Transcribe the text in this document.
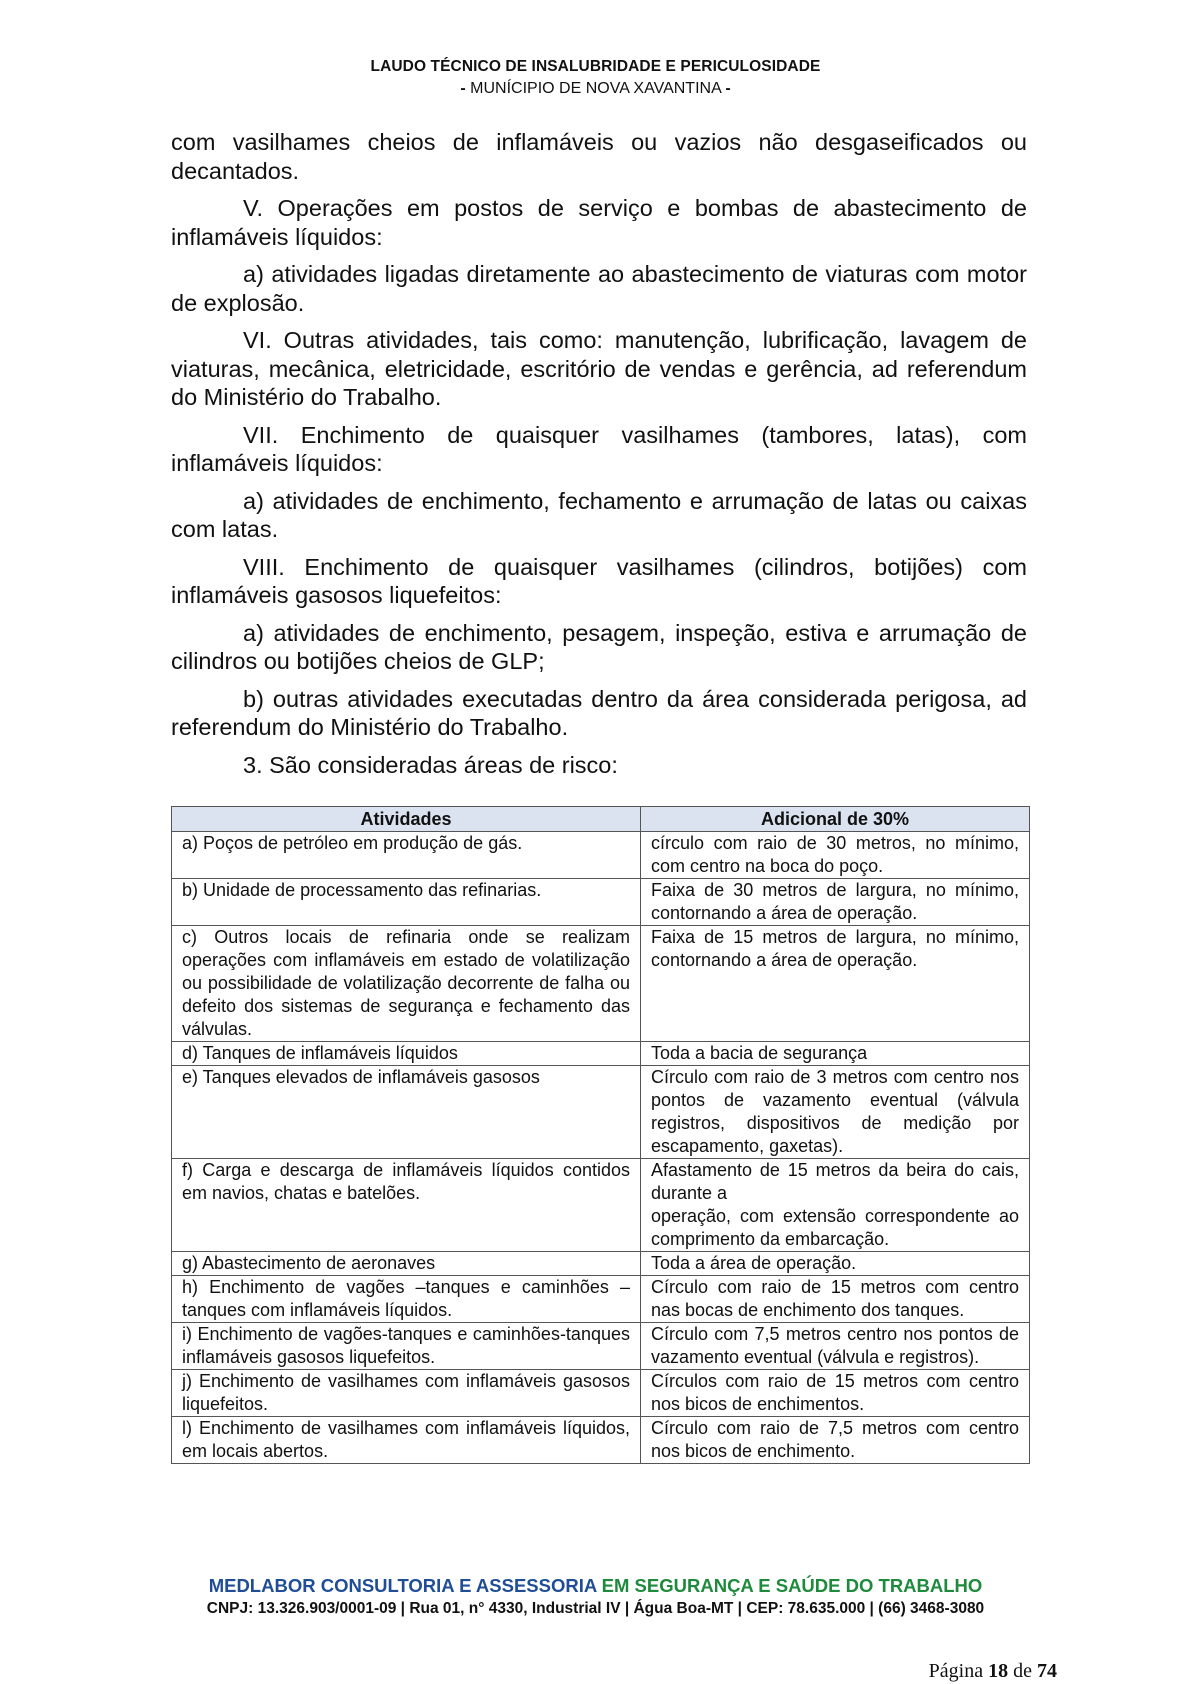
LAUDO TÉCNICO DE INSALUBRIDADE E PERICULOSIDADE
- MUNÍCIPIO DE NOVA XAVANTINA -

com vasilhames cheios de inflamáveis ou vazios não desgaseificados ou decantados.

V. Operações em postos de serviço e bombas de abastecimento de inflamáveis líquidos:

a) atividades ligadas diretamente ao abastecimento de viaturas com motor de explosão.

VI. Outras atividades, tais como: manutenção, lubrificação, lavagem de viaturas, mecânica, eletricidade, escritório de vendas e gerência, ad referendum do Ministério do Trabalho.

VII. Enchimento de quaisquer vasilhames (tambores, latas), com inflamáveis líquidos:

a) atividades de enchimento, fechamento e arrumação de latas ou caixas com latas.

VIII. Enchimento de quaisquer vasilhames (cilindros, botijões) com inflamáveis gasosos liquefeitos:

a) atividades de enchimento, pesagem, inspeção, estiva e arrumação de cilindros ou botijões cheios de GLP;

b) outras atividades executadas dentro da área considerada perigosa, ad referendum do Ministério do Trabalho.

3. São consideradas áreas de risco:

Atividades	Adicional de 30%
a) Poços de petróleo em produção de gás.	círculo com raio de 30 metros, no mínimo, com centro na boca do poço.
b) Unidade de processamento das refinarias.	Faixa de 30 metros de largura, no mínimo, contornando a área de operação.
c) Outros locais de refinaria onde se realizam operações com inflamáveis em estado de volatilização ou possibilidade de volatilização decorrente de falha ou defeito dos sistemas de segurança e fechamento das válvulas.	Faixa de 15 metros de largura, no mínimo, contornando a área de operação.
d) Tanques de inflamáveis líquidos	Toda a bacia de segurança
e) Tanques elevados de inflamáveis gasosos	Círculo com raio de 3 metros com centro nos pontos de vazamento eventual (válvula registros, dispositivos de medição por escapamento, gaxetas).
f) Carga e descarga de inflamáveis líquidos contidos em navios, chatas e batelões.	Afastamento de 15 metros da beira do cais, durante a
operação, com extensão correspondente ao comprimento da embarcação.
g) Abastecimento de aeronaves	Toda a área de operação.
h) Enchimento de vagões –tanques e caminhões –tanques com inflamáveis líquidos.	Círculo com raio de 15 metros com centro nas bocas de enchimento dos tanques.
i) Enchimento de vagões-tanques e caminhões-tanques inflamáveis gasosos liquefeitos.	Círculo com 7,5 metros centro nos pontos de vazamento eventual (válvula e registros).
j) Enchimento de vasilhames com inflamáveis gasosos liquefeitos.	Círculos com raio de 15 metros com centro nos bicos de enchimentos.
l) Enchimento de vasilhames com inflamáveis líquidos, em locais abertos.	Círculo com raio de 7,5 metros com centro nos bicos de enchimento.
MEDLABOR CONSULTORIA E ASSESSORIA EM SEGURANÇA E SAÚDE DO TRABALHO
CNPJ: 13.326.903/0001-09 | Rua 01, n° 4330, Industrial IV | Água Boa-MT | CEP: 78.635.000 | (66) 3468-3080
Página 18 de 74
